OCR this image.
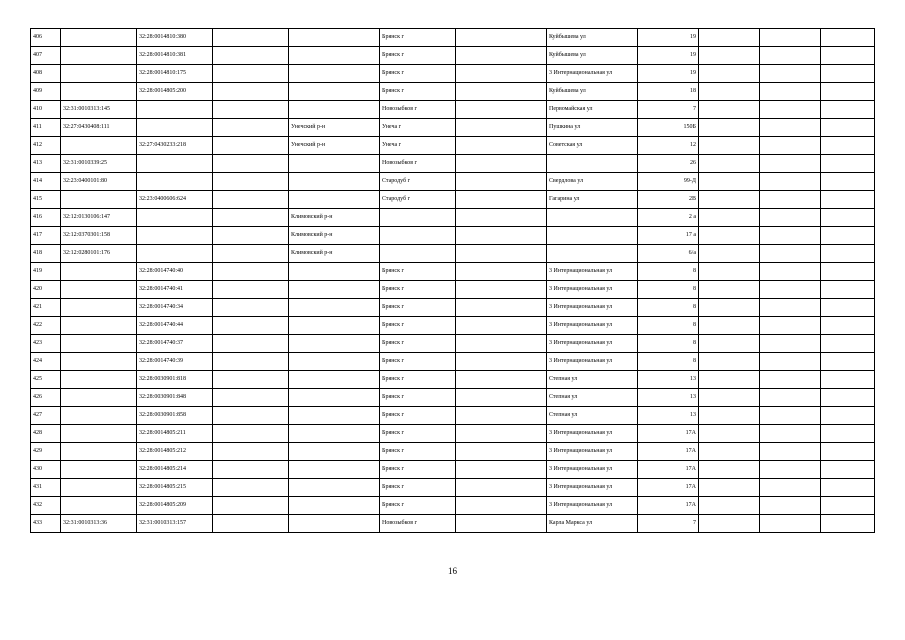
406		32:28:0014810:380			Брянск г		Куйбышева ул	19			
407		32:28:0014810:381			Брянск г		Куйбышева ул	19			
408		32:28:0014810:175			Брянск г		3 Интернациональная ул	19			
409		32:28:0014805:200			Брянск г		Куйбышева ул	18			
410	32:31:0010313:145				Новозыбков г		Первомайская ул	7			
411	32:27:0430408:111			Унечский р-н	Унеча г		Пушкина ул	150Б			
412		32:27:0430233:218		Унечский р-н	Унеча г		Советская ул	12			
413	32:31:0010339:25				Новозыбков г			26			
414	32:23:0400101:80				Стародуб г		Свердлова ул	99-Д			
415		32:23:0400606:624			Стародуб г		Гагарина ул	2В			
416	32:12:0130106:147			Климовский р-н				2 а			
417	32:12:0370301:158			Климовский р-н				17 а			
418	32:12:0280101:176			Климовский р-н				6/а			
419		32:28:0014740:40			Брянск г		3 Интернациональная ул	8			
420		32:28:0014740:41			Брянск г		3 Интернациональная ул	8			
421		32:28:0014740:34			Брянск г		3 Интернациональная ул	8			
422		32:28:0014740:44			Брянск г		3 Интернациональная ул	8			
423		32:28:0014740:37			Брянск г		3 Интернациональная ул	8			
424		32:28:0014740:39			Брянск г		3 Интернациональная ул	8			
425		32:28:0030901:818			Брянск г		Степная ул	13			
426		32:28:0030901:848			Брянск г		Степная ул	13			
427		32:28:0030901:858			Брянск г		Степная ул	13			
428		32:28:0014805:211			Брянск г		3 Интернациональная ул	17А			
429		32:28:0014805:212			Брянск г		3 Интернациональная ул	17А			
430		32:28:0014805:214			Брянск г		3 Интернациональная ул	17А			
431		32:28:0014805:215			Брянск г		3 Интернациональная ул	17А			
432		32:28:0014805:209			Брянск г		3 Интернациональная ул	17А			
433	32:31:0010313:36	32:31:0010313:157			Новозыбков г		Карла Маркса ул	7			
16
